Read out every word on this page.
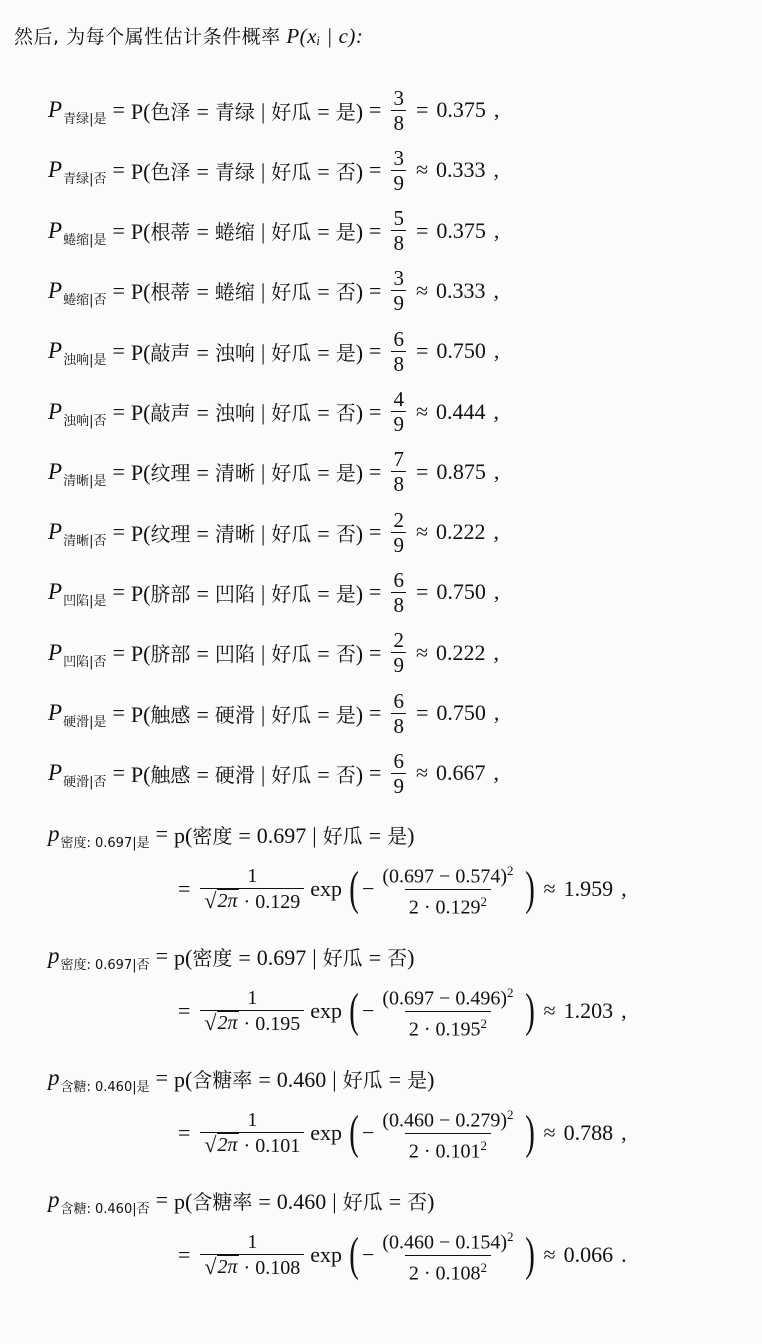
然后, 为每个属性估计条件概率 P(xᵢ | c):
P 青绿|是 = P(色泽 = 青绿 | 好瓜 = 是) = $\frac{3}{8} = 0.375$ ,
P 青绿|否 = P(色泽 = 青绿 | 好瓜 = 否) = $\frac{3}{9} \approx 0.333$ ,
P 蜷缩|是 = P(根蒂 = 蜷缩 | 好瓜 = 是) = $\frac{5}{8} = 0.375$ ,
P 蜷缩|否 = P(根蒂 = 蜷缩 | 好瓜 = 否) = $\frac{3}{9} \approx 0.333$ ,
P 浊响|是 = P(敲声 = 浊响 | 好瓜 = 是) = $\frac{6}{8} = 0.750$ ,
P 浊响|否 = P(敲声 = 浊响 | 好瓜 = 否) = $\frac{4}{9} \approx 0.444$ ,
P 清晰|是 = P(纹理 = 清晰 | 好瓜 = 是) = $\frac{7}{8} = 0.875$ ,
P 清晰|否 = P(纹理 = 清晰 | 好瓜 = 否) = $\frac{2}{9} \approx 0.222$ ,
P 凹陷|是 = P(脐部 = 凹陷 | 好瓜 = 是) = $\frac{6}{8} = 0.750$ ,
P 凹陷|否 = P(脐部 = 凹陷 | 好瓜 = 否) = $\frac{2}{9} \approx 0.222$ ,
P 硬滑|是 = P(触感 = 硬滑 | 好瓜 = 是) = $\frac{6}{8} = 0.750$ ,
P 硬滑|否 = P(触感 = 硬滑 | 好瓜 = 否) = $\frac{6}{9} \approx 0.667$ ,
p 密度: 0.697|是 = p(密度 = 0.697 | 好瓜 = 是)
= $\frac{1}{√ 2\pi \cdot 0.129}$ exp ( − $\frac{(0.697 - 0.574)^2}{2 \cdot 0.129^2}$ ) ≈ 1.959 ,
p 密度: 0.697|否 = p(密度 = 0.697 | 好瓜 = 否)
= $\frac{1}{√ 2\pi \cdot 0.195}$ exp ( − $\frac{(0.697 - 0.496)^2}{2 \cdot 0.195^2}$ ) ≈ 1.203 ,
p 含糖: 0.460|是 = p(含糖率 = 0.460 | 好瓜 = 是)
= $\frac{1}{√ 2\pi \cdot 0.101}$ exp ( − $\frac{(0.460 - 0.279)^2}{2 \cdot 0.101^2}$ ) ≈ 0.788 ,
p 含糖: 0.460|否 = p(含糖率 = 0.460 | 好瓜 = 否)
= $\frac{1}{√ 2\pi \cdot 0.108}$ exp ( − $\frac{(0.460 - 0.154)^2}{2 \cdot 0.108^2}$ ) ≈ 0.066 .
